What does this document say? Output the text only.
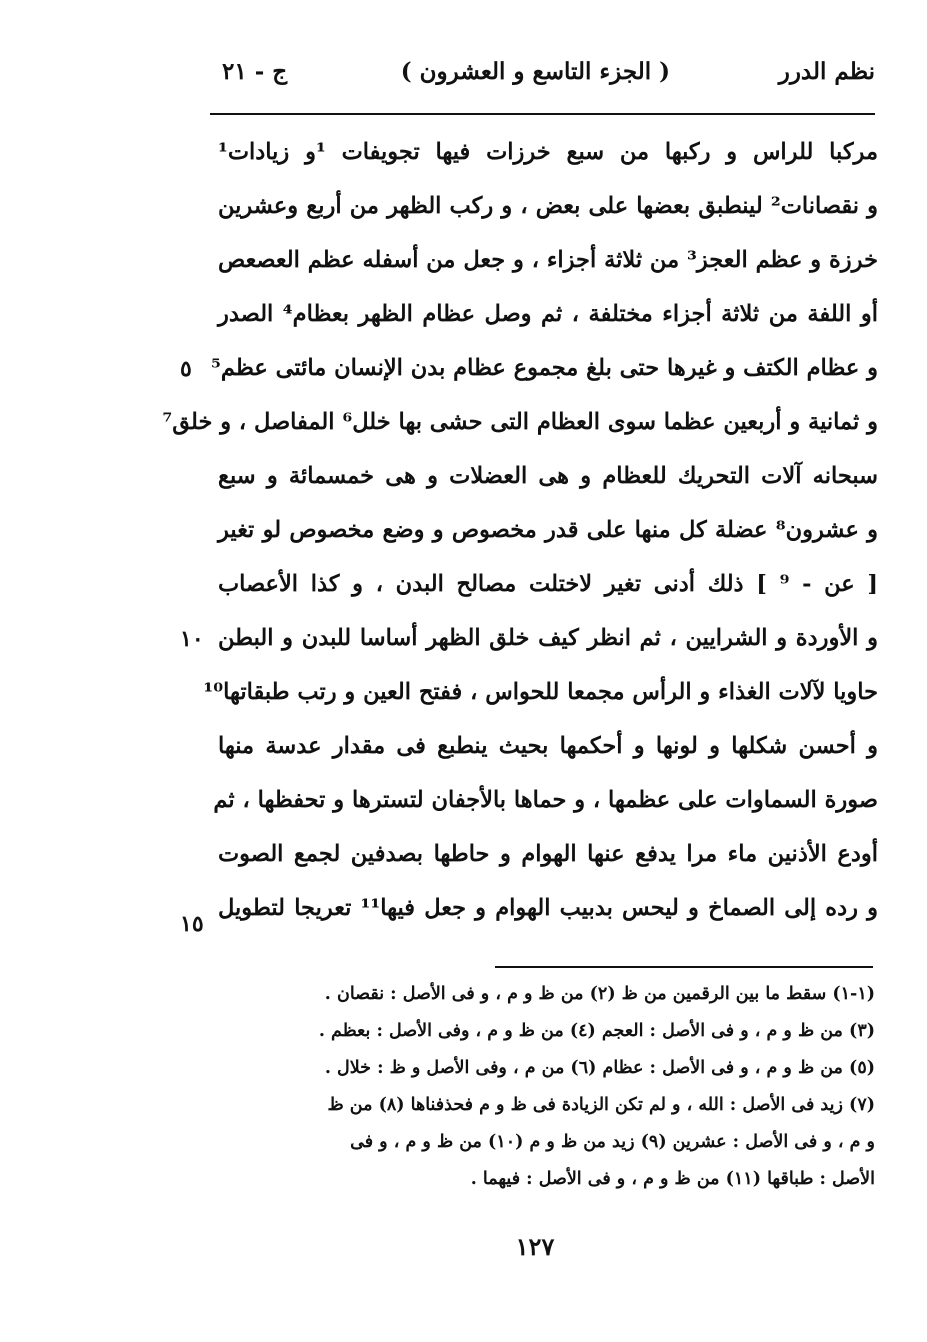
نظم الدرر
( الجزء التاسع و العشرون )
ج - ٢١
مركبا للراس و ركبها من سبع خرزات فيها تجويفات ¹و زيادات¹
و نقصانات² لينطبق بعضها على بعض ، و ركب الظهر من أربع وعشرين
خرزة و عظم العجز³ من ثلاثة أجزاء ، و جعل من أسفله عظم العصعص
أو اللفة من ثلاثة أجزاء مختلفة ، ثم وصل عظام الظهر بعظام⁴ الصدر
و عظام الكتف و غيرها حتى بلغ مجموع عظام بدن الإنسان مائتى عظم⁵
و ثمانية و أربعين عظما سوى العظام التى حشى بها خلل⁶ المفاصل ، و خلق⁷
سبحانه آلات التحريك للعظام و هى العضلات و هى خمسمائة و سبع
و عشرون⁸ عضلة كل منها على قدر مخصوص و وضع مخصوص لو تغير
[ عن - ⁹ ] ذلك أدنى تغير لاختلت مصالح البدن ، و كذا الأعصاب
و الأوردة و الشرايين ، ثم انظر كيف خلق الظهر أساسا للبدن و البطن
حاويا لآلات الغذاء و الرأس مجمعا للحواس ، ففتح العين و رتب طبقاتها¹⁰
و أحسن شكلها و لونها و أحكمها بحيث ينطبع فى مقدار عدسة منها
صورة السماوات على عظمها ، و حماها بالأجفان لتسترها و تحفظها ، ثم
أودع الأذنين ماء مرا يدفع عنها الهوام و حاطها بصدفين لجمع الصوت
و رده إلى الصماخ و ليحس بدبيب الهوام و جعل فيها¹¹ تعريجا لتطويل
٥
١٠
١٥
(١-١) سقط ما بين الرقمين من ظ (٢) من ظ و م ، و فى الأصل : نقصان .
(٣) من ظ و م ، و فى الأصل : العجم (٤) من ظ و م ، وفى الأصل : بعظم .
(٥) من ظ و م ، و فى الأصل : عظام (٦) من م ، وفى الأصل و ظ : خلال .
(٧) زيد فى الأصل : الله ، و لم تكن الزيادة فى ظ و م فحذفناها (٨) من ظ
و م ، و فى الأصل : عشرين (٩) زيد من ظ و م (١٠) من ظ و م ، و فى
الأصل : طباقها (١١) من ظ و م ، و فى الأصل : فيهما .
١٢٧
